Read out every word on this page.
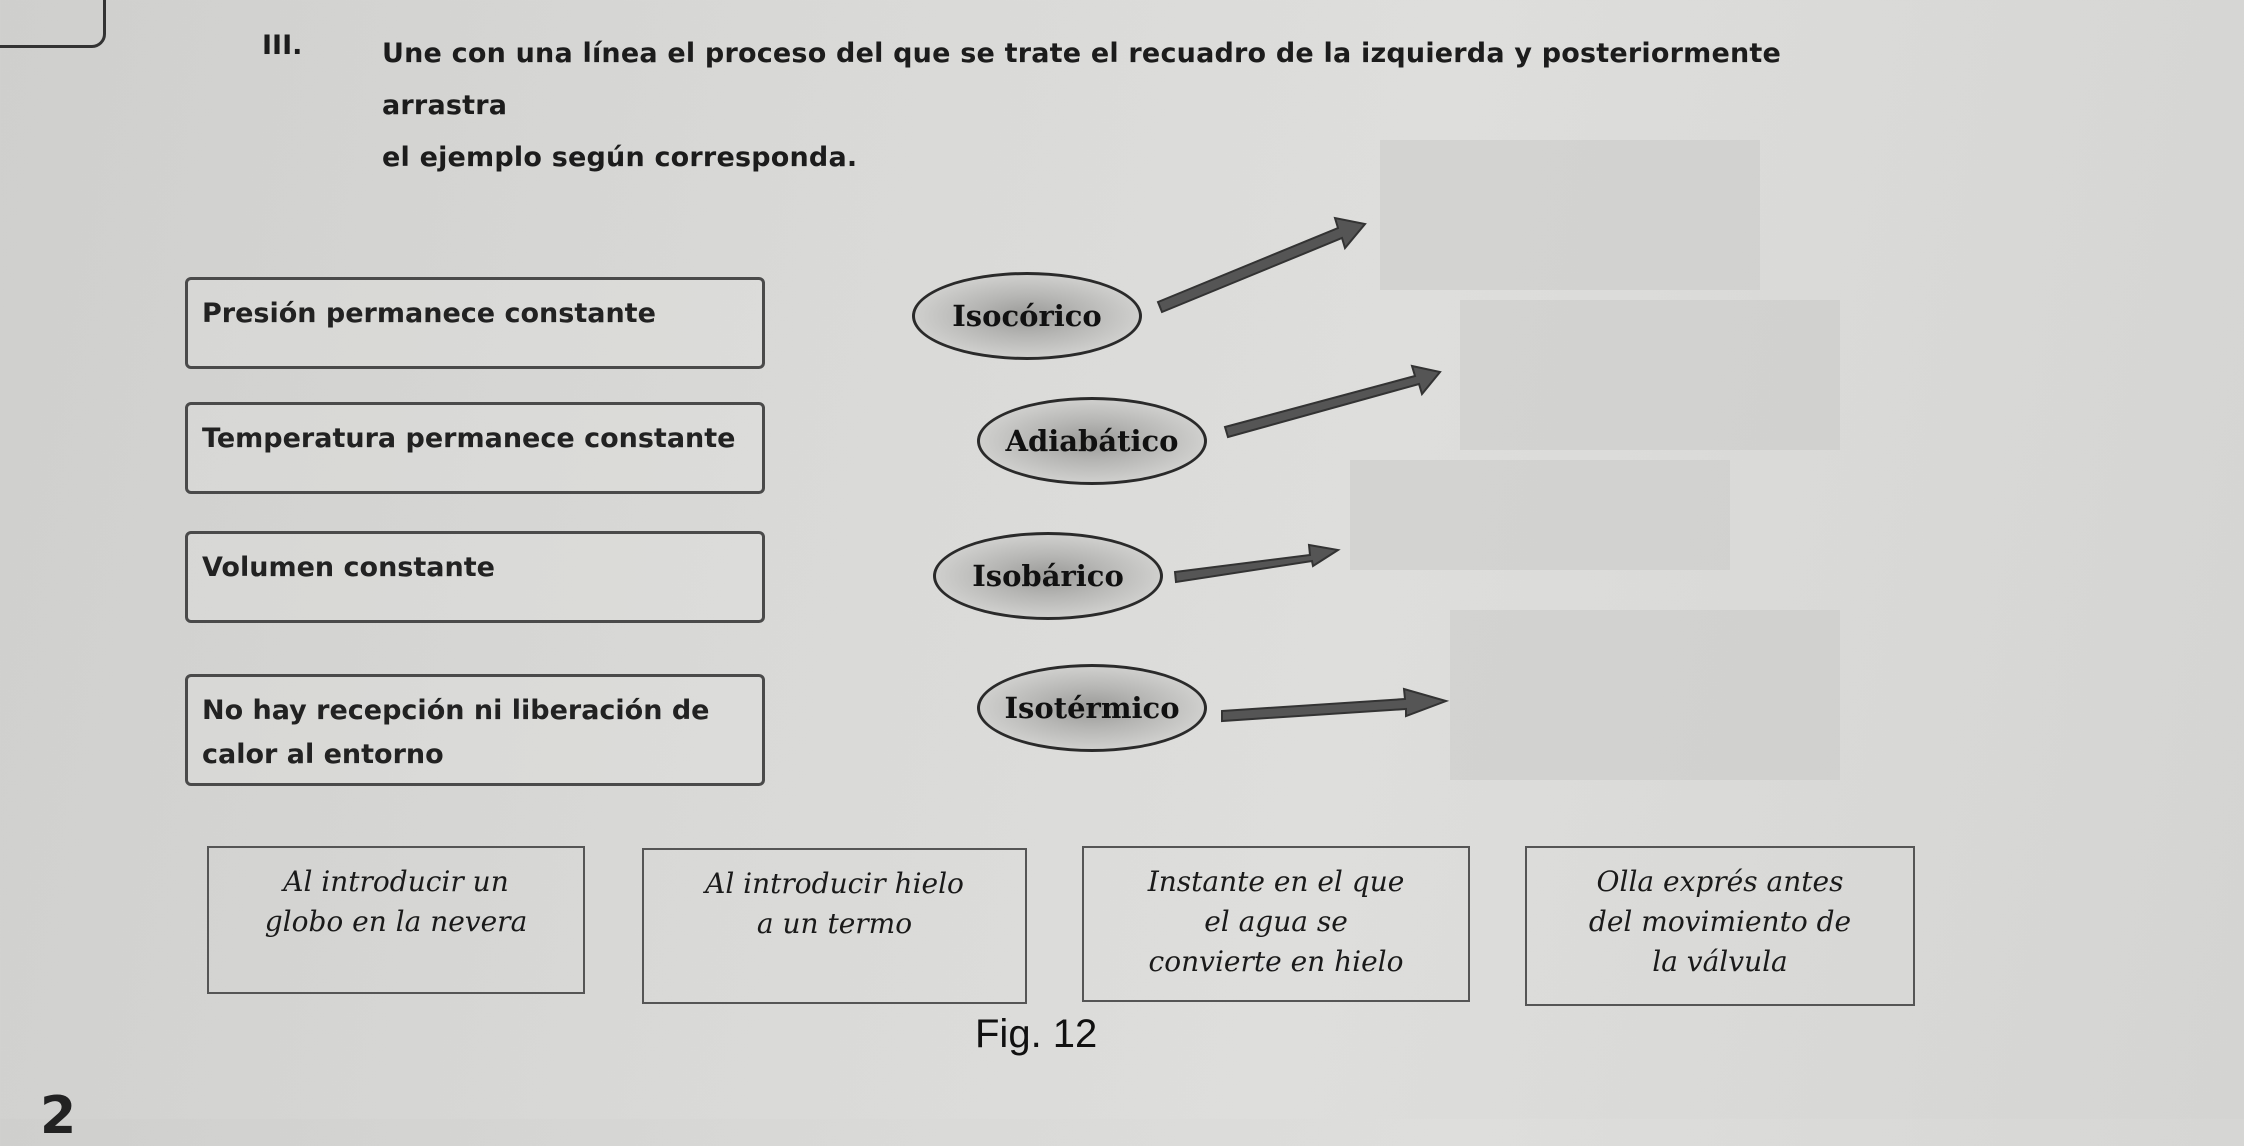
III.	Une con una línea el proceso del que se trate el recuadro de la izquierda y posteriormente arrastra
el ejemplo según corresponda.
Presión permanece constante
Temperatura permanece constante
Volumen constante
No hay recepción ni liberación de
calor al entorno
Isocórico
Adiabático
Isobárico
Isotérmico
Al introducir un
globo en la nevera
Al introducir hielo
a un termo
Instante en el que
el agua se
convierte en hielo
Olla exprés antes
del movimiento de
la válvula
Fig. 12
2
